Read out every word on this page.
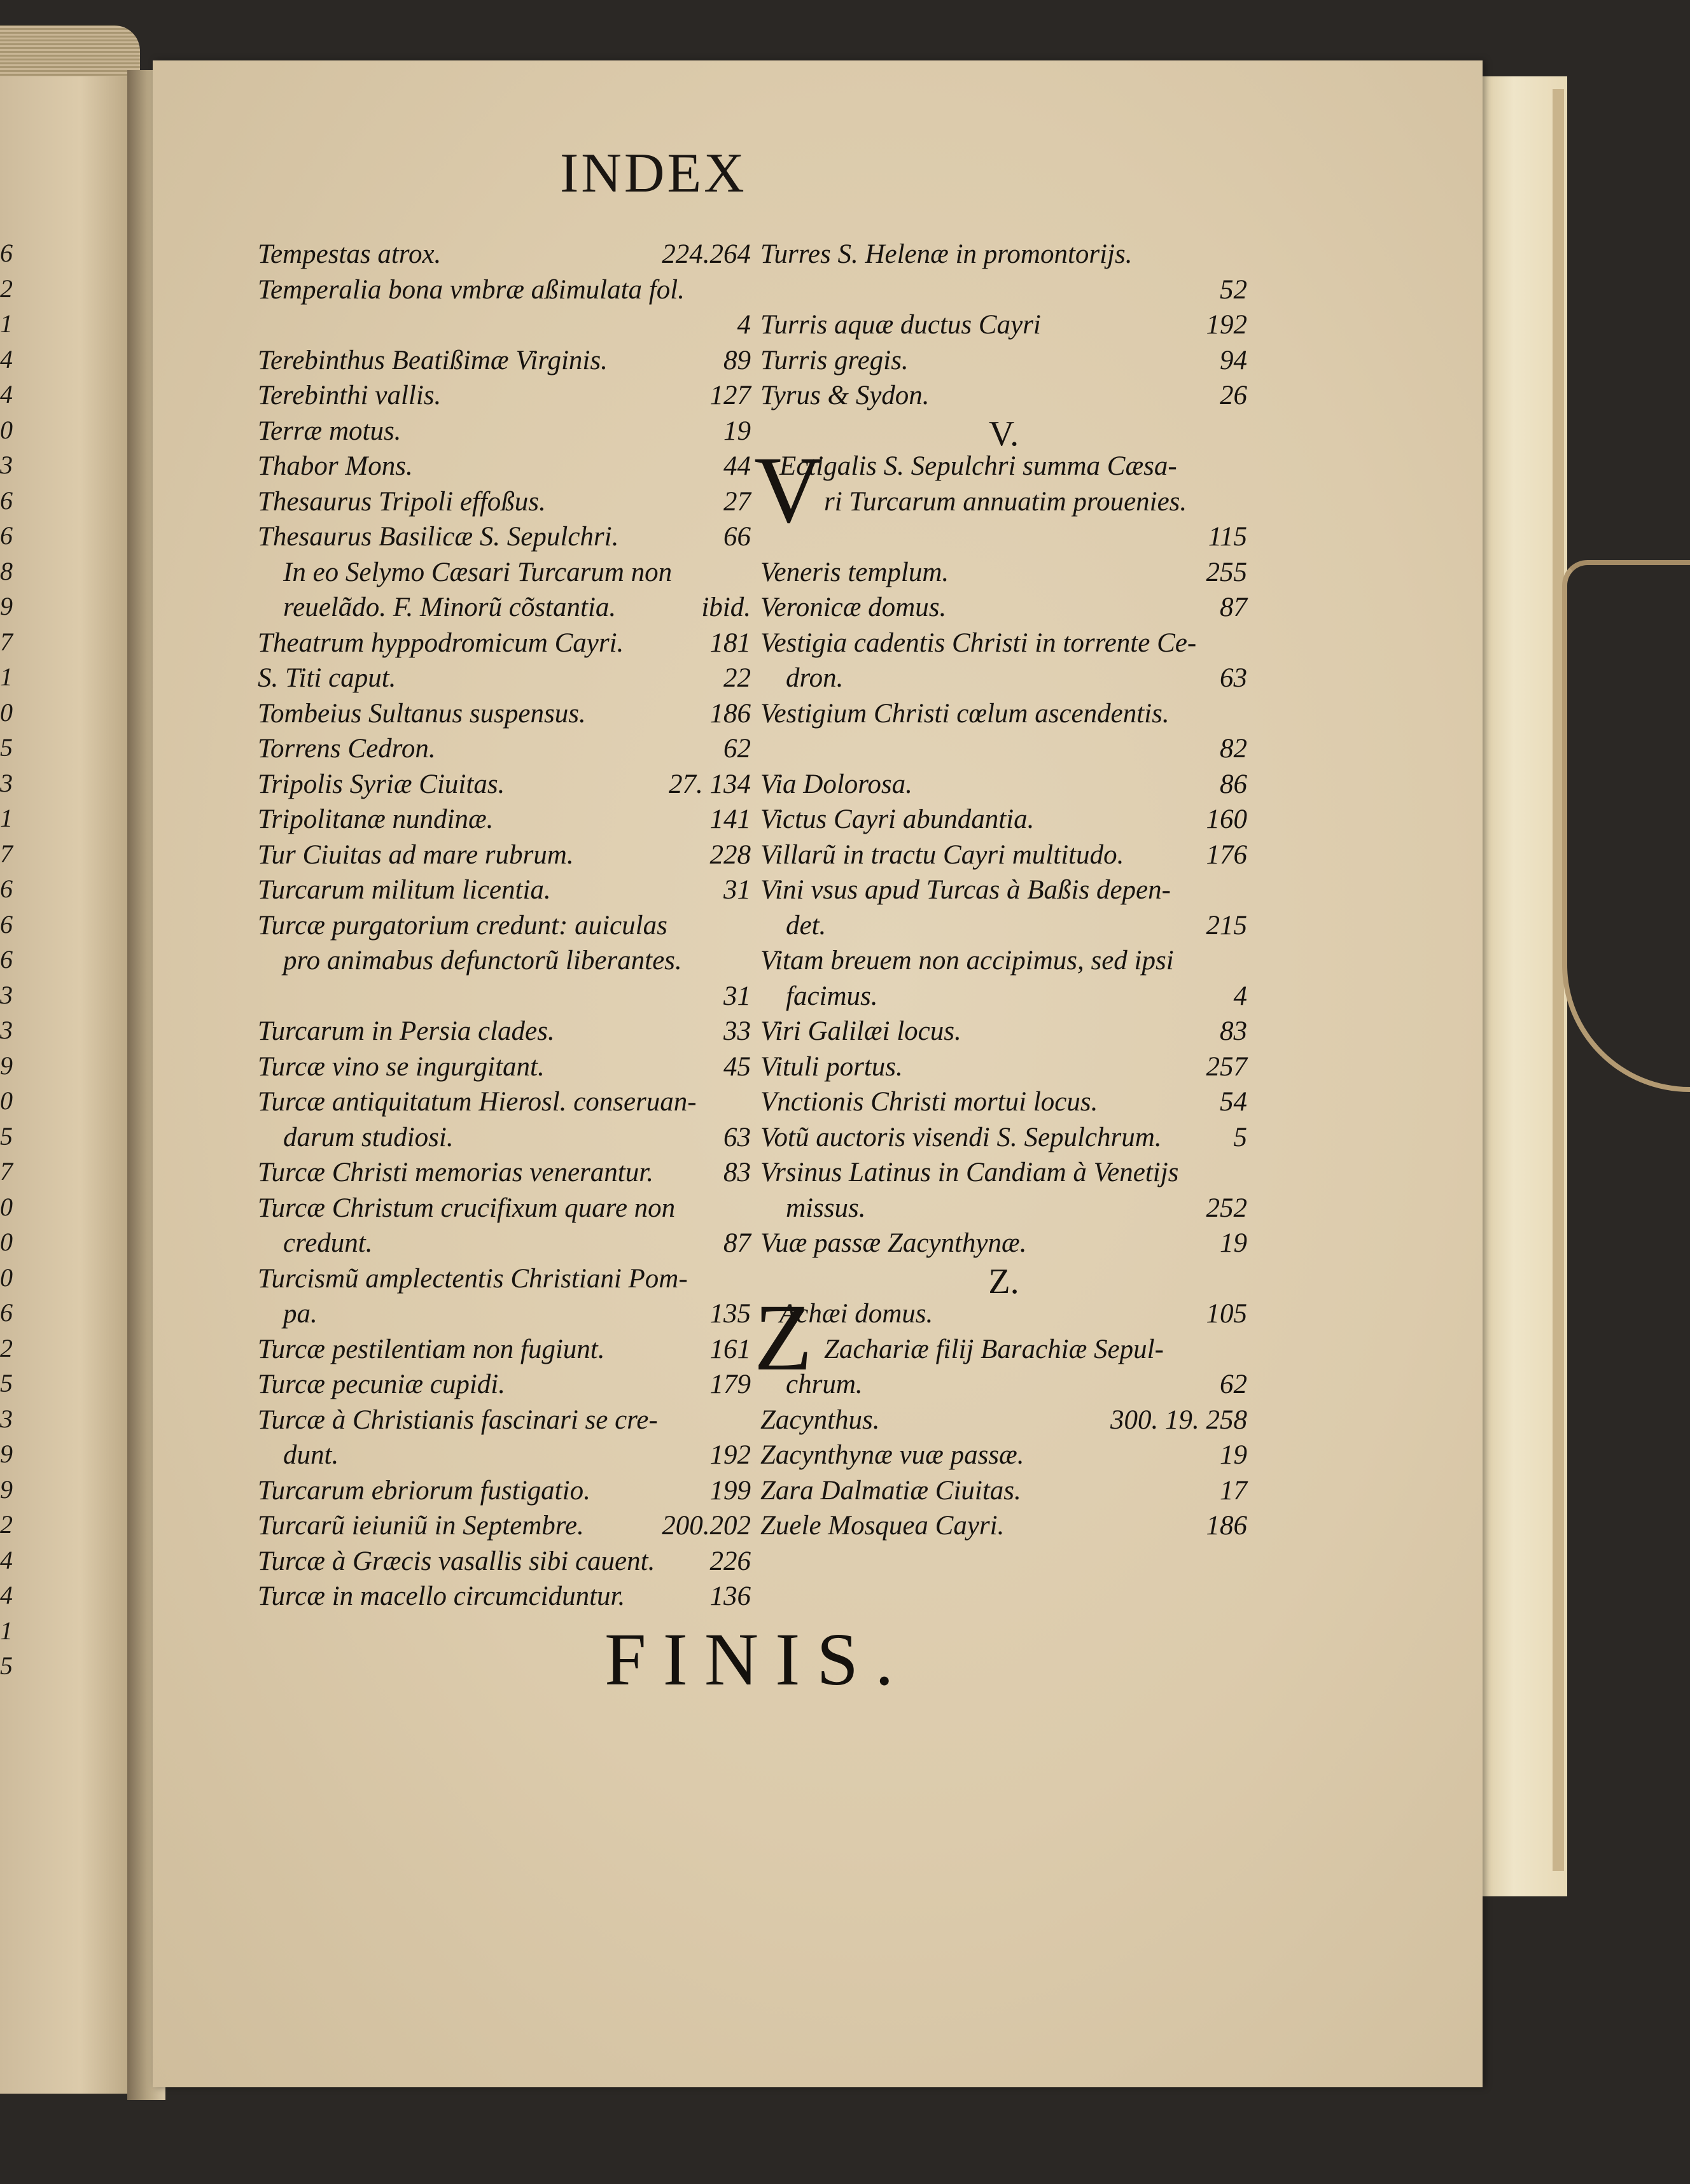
6
2
1
4
4
0
3
6
6
8
9
7
1
0
5
3
1
7
6
6
6
3
3
9
0
5
7
0
0
0
6
2
5
3
9
9
2
4
4
1
5
INDEX
Tempestas atrox.	224.264
Temperalia bona vmbræ aßimulata fol.
4
Terebinthus Beatißimæ Virginis.	89
Terebinthi vallis.	127
Terræ motus.	19
Thabor Mons.	44
Thesaurus Tripoli effoßus.	27
Thesaurus Basilicæ S. Sepulchri.	66
In eo Selymo Cæsari Turcarum non
reuelãdo. F. Minorũ cõstantia.	ibid.
Theatrum hyppodromicum Cayri.	181
S. Titi caput.	22
Tombeius Sultanus suspensus.	186
Torrens Cedron.	62
Tripolis Syriæ Ciuitas.	27. 134
Tripolitanæ nundinæ.	141
Tur Ciuitas ad mare rubrum.	228
Turcarum militum licentia.	31
Turcæ purgatorium credunt: auiculas
pro animabus defunctorũ liberantes.
31
Turcarum in Persia clades.	33
Turcæ vino se ingurgitant.	45
Turcæ antiquitatum Hierosl. conseruan-
darum studiosi.	63
Turcæ Christi memorias venerantur.	83
Turcæ Christum crucifixum quare non
credunt.	87
Turcismũ amplectentis Christiani Pom-
pa.	135
Turcæ pestilentiam non fugiunt.	161
Turcæ pecuniæ cupidi.	179
Turcæ à Christianis fascinari se cre-
dunt.	192
Turcarum ebriorum fustigatio.	199
Turcarũ ieiuniũ in Septembre.	200.202
Turcæ à Græcis vasallis sibi cauent. 226
Turcæ in macello circumciduntur.	136
Turres S. Helenæ in promontorijs.
52
Turris aquæ ductus Cayri	192
Turris gregis.	94
Tyrus & Sydon.	26
V.
V
Ectigalis S. Sepulchri summa Cæsa-
ri Turcarum annuatim prouenies.
115
Veneris templum.	255
Veronicæ domus.	87
Vestigia cadentis Christi in torrente Ce-
dron.	63
Vestigium Christi cœlum ascendentis.
82
Via Dolorosa.	86
Victus Cayri abundantia.	160
Villarũ in tractu Cayri multitudo.	176
Vini vsus apud Turcas à Baßis depen-
det.	215
Vitam breuem non accipimus, sed ipsi
facimus.	4
Viri Galilæi locus.	83
Vituli portus.	257
Vnctionis Christi mortui locus.	54
Votũ auctoris visendi S. Sepulchrum.	5
Vrsinus Latinus in Candiam à Venetijs
missus.	252
Vuæ passæ Zacynthynæ.	19
Z.
Z
Achæi domus.	105
Zachariæ filij Barachiæ Sepul-
chrum.	62
Zacynthus.	300. 19. 258
Zacynthynæ vuæ passæ.	19
Zara Dalmatiæ Ciuitas.	17
Zuele Mosquea Cayri.	186
FINIS.
